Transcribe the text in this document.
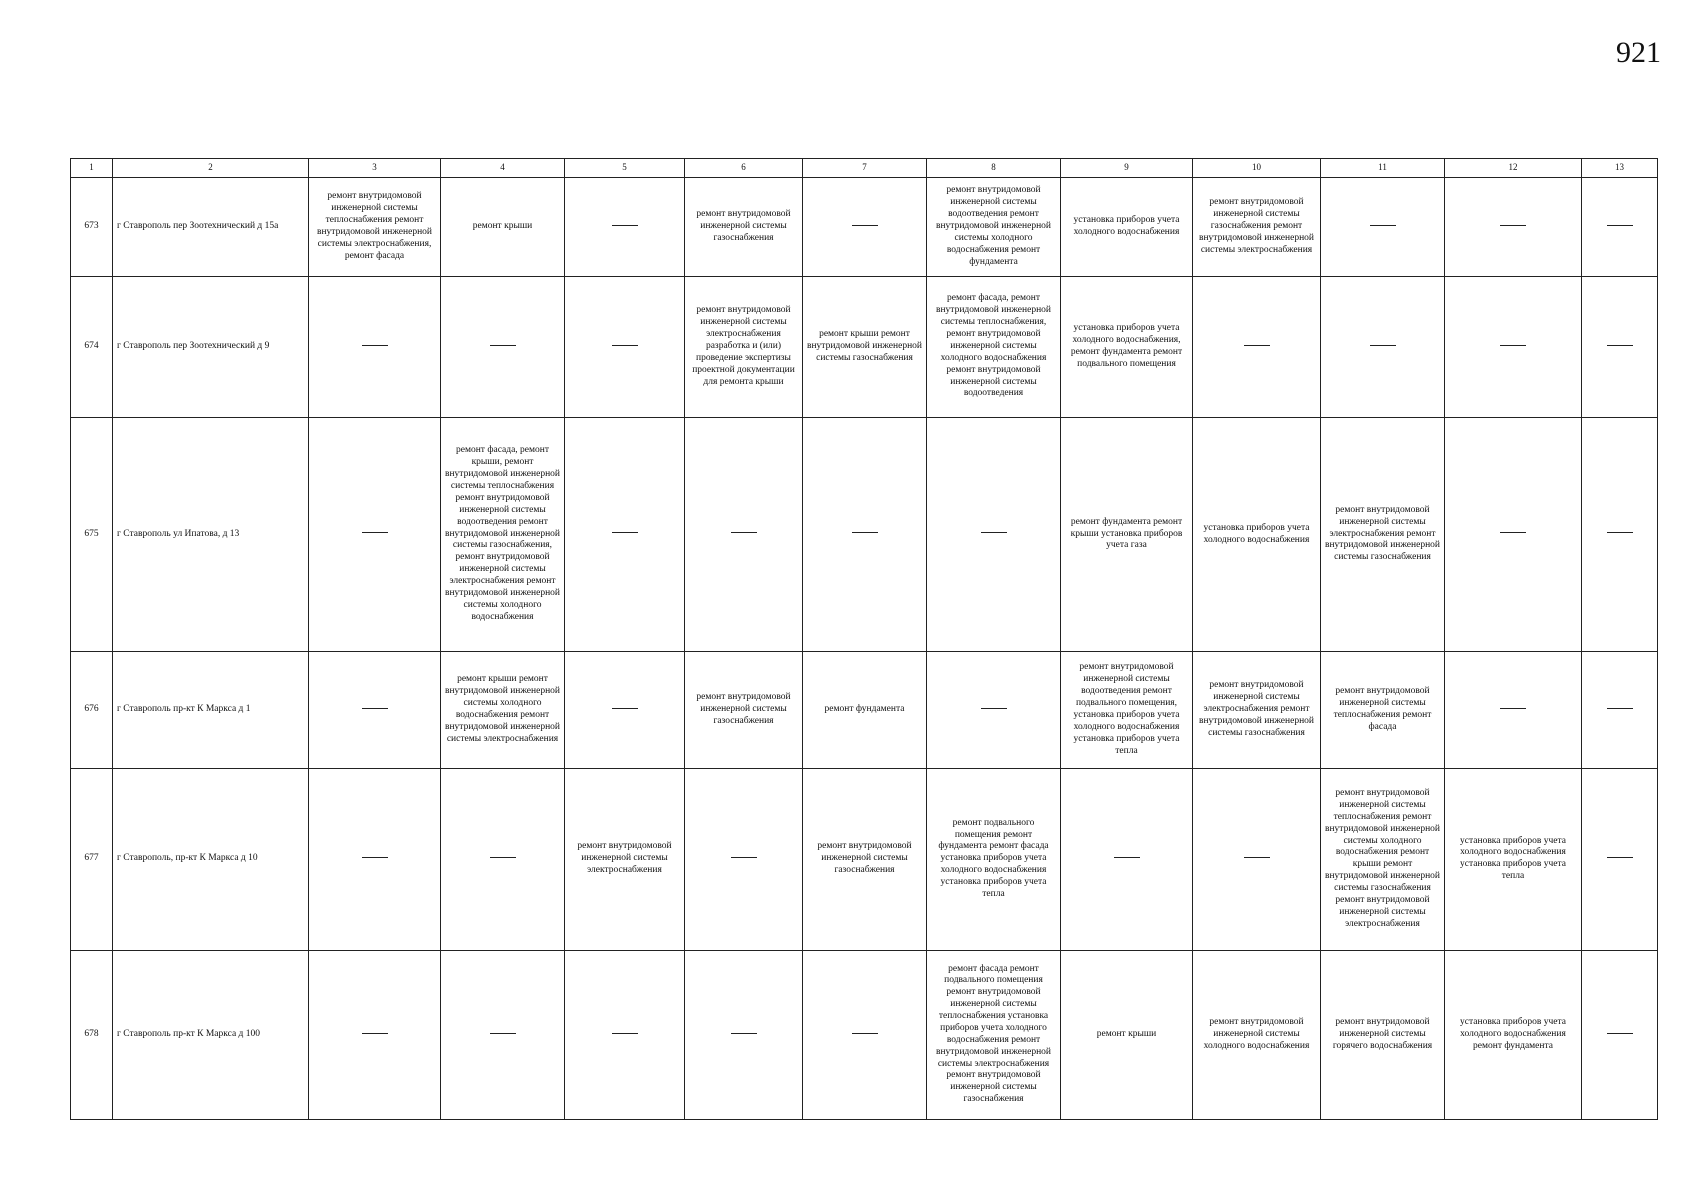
921
1	2	3	4	5	6	7	8	9	10	11	12	13
673	г Ставрополь пер Зоотехнический д 15а	ремонт внутридомовой инженерной системы теплоснабжения ремонт внутридомовой инженерной системы электроснабжения, ремонт фасада	ремонт крыши		ремонт внутридомовой инженерной системы газоснабжения		ремонт внутридомовой инженерной системы водоотведения ремонт внутридомовой инженерной системы холодного водоснабжения ремонт фундамента	установка приборов учета холодного водоснабжения	ремонт внутридомовой инженерной системы газоснабжения ремонт внутридомовой инженерной системы электроснабжения			
674	г Ставрополь пер Зоотехнический д 9				ремонт внутридомовой инженерной системы электроснабжения разработка и (или) проведение экспертизы проектной документации для ремонта крыши	ремонт крыши ремонт внутридомовой инженерной системы газоснабжения	ремонт фасада, ремонт внутридомовой инженерной системы теплоснабжения, ремонт внутридомовой инженерной системы холодного водоснабжения ремонт внутридомовой инженерной системы водоотведения	установка приборов учета холодного водоснабжения, ремонт фундамента ремонт подвального помещения				
675	г Ставрополь ул Ипатова, д 13		ремонт фасада, ремонт крыши, ремонт внутридомовой инженерной системы теплоснабжения ремонт внутридомовой инженерной системы водоотведения ремонт внутридомовой инженерной системы газоснабжения, ремонт внутридомовой инженерной системы электроснабжения ремонт внутридомовой инженерной системы холодного водоснабжения					ремонт фундамента ремонт крыши установка приборов учета газа	установка приборов учета холодного водоснабжения	ремонт внутридомовой инженерной системы электроснабжения ремонт внутридомовой инженерной системы газоснабжения		
676	г Ставрополь пр-кт К Маркса д 1		ремонт крыши ремонт внутридомовой инженерной системы холодного водоснабжения ремонт внутридомовой инженерной системы электроснабжения		ремонт внутридомовой инженерной системы газоснабжения	ремонт фундамента		ремонт внутридомовой инженерной системы водоотведения ремонт подвального помещения, установка приборов учета холодного водоснабжения установка приборов учета тепла	ремонт внутридомовой инженерной системы электроснабжения ремонт внутридомовой инженерной системы газоснабжения	ремонт внутридомовой инженерной системы теплоснабжения ремонт фасада		
677	г Ставрополь, пр-кт К Маркса д 10			ремонт внутридомовой инженерной системы электроснабжения		ремонт внутридомовой инженерной системы газоснабжения	ремонт подвального помещения ремонт фундамента ремонт фасада установка приборов учета холодного водоснабжения установка приборов учета тепла			ремонт внутридомовой инженерной системы теплоснабжения ремонт внутридомовой инженерной системы холодного водоснабжения ремонт крыши ремонт внутридомовой инженерной системы газоснабжения ремонт внутридомовой инженерной системы электроснабжения	установка приборов учета холодного водоснабжения установка приборов учета тепла	
678	г Ставрополь пр-кт К Маркса д 100						ремонт фасада ремонт подвального помещения ремонт внутридомовой инженерной системы теплоснабжения установка приборов учета холодного водоснабжения ремонт внутридомовой инженерной системы электроснабжения ремонт внутридомовой инженерной системы газоснабжения	ремонт крыши	ремонт внутридомовой инженерной системы холодного водоснабжения	ремонт внутридомовой инженерной системы горячего водоснабжения	установка приборов учета холодного водоснабжения ремонт фундамента	
